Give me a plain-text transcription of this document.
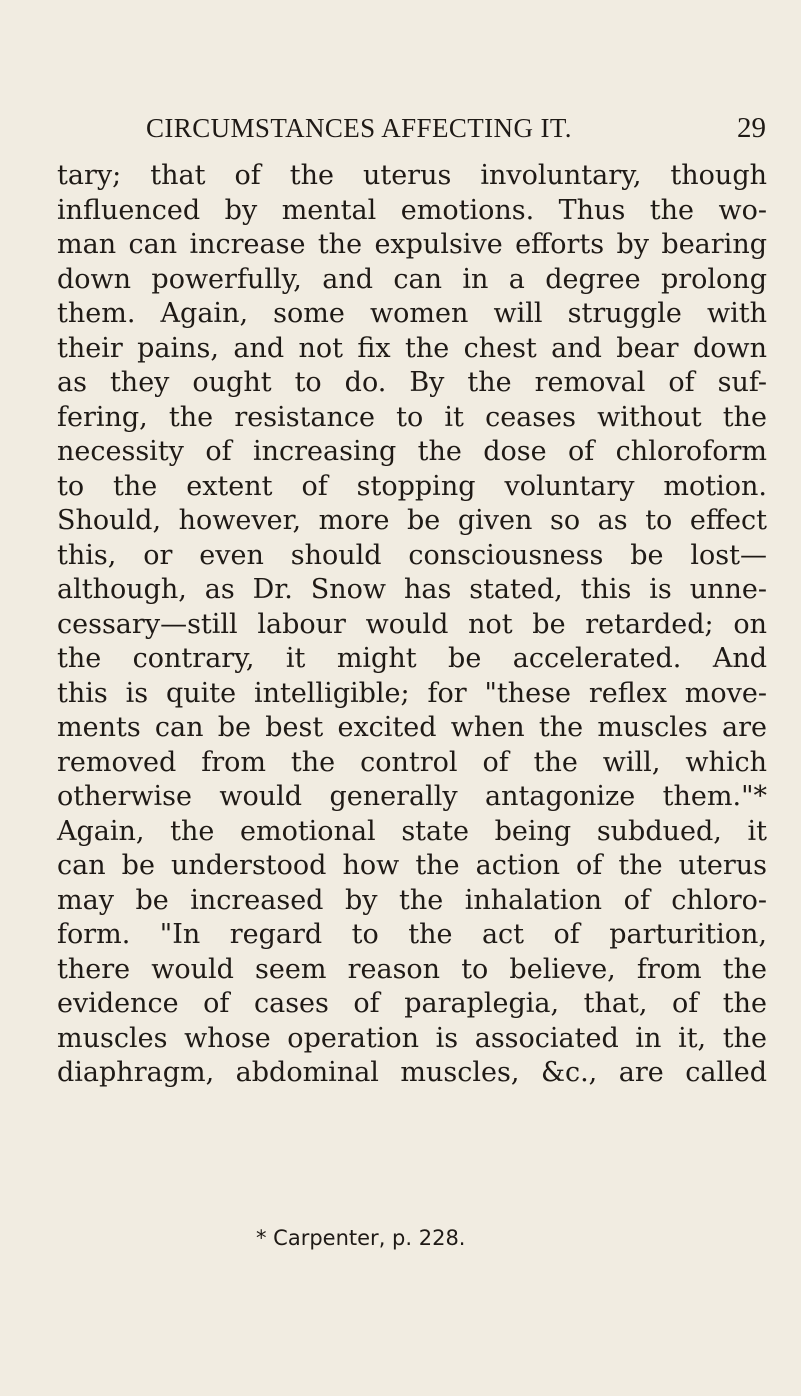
CIRCUMSTANCES AFFECTING IT.	29
tary; that of the uterus involuntary, though
influenced by mental emotions. Thus the wo-
man can increase the expulsive efforts by bearing
down powerfully, and can in a degree prolong
them. Again, some women will struggle with
their pains, and not fix the chest and bear down
as they ought to do. By the removal of suf-
fering, the resistance to it ceases without the
necessity of increasing the dose of chloroform
to the extent of stopping voluntary motion.
Should, however, more be given so as to effect
this, or even should consciousness be lost—
although, as Dr. Snow has stated, this is unne-
cessary—still labour would not be retarded; on
the contrary, it might be accelerated. And
this is quite intelligible; for "these reflex move-
ments can be best excited when the muscles are
removed from the control of the will, which
otherwise would generally antagonize them."*
Again, the emotional state being subdued, it
can be understood how the action of the uterus
may be increased by the inhalation of chloro-
form. "In regard to the act of parturition,
there would seem reason to believe, from the
evidence of cases of paraplegia, that, of the
muscles whose operation is associated in it, the
diaphragm, abdominal muscles, &c., are called
* Carpenter, p. 228.
